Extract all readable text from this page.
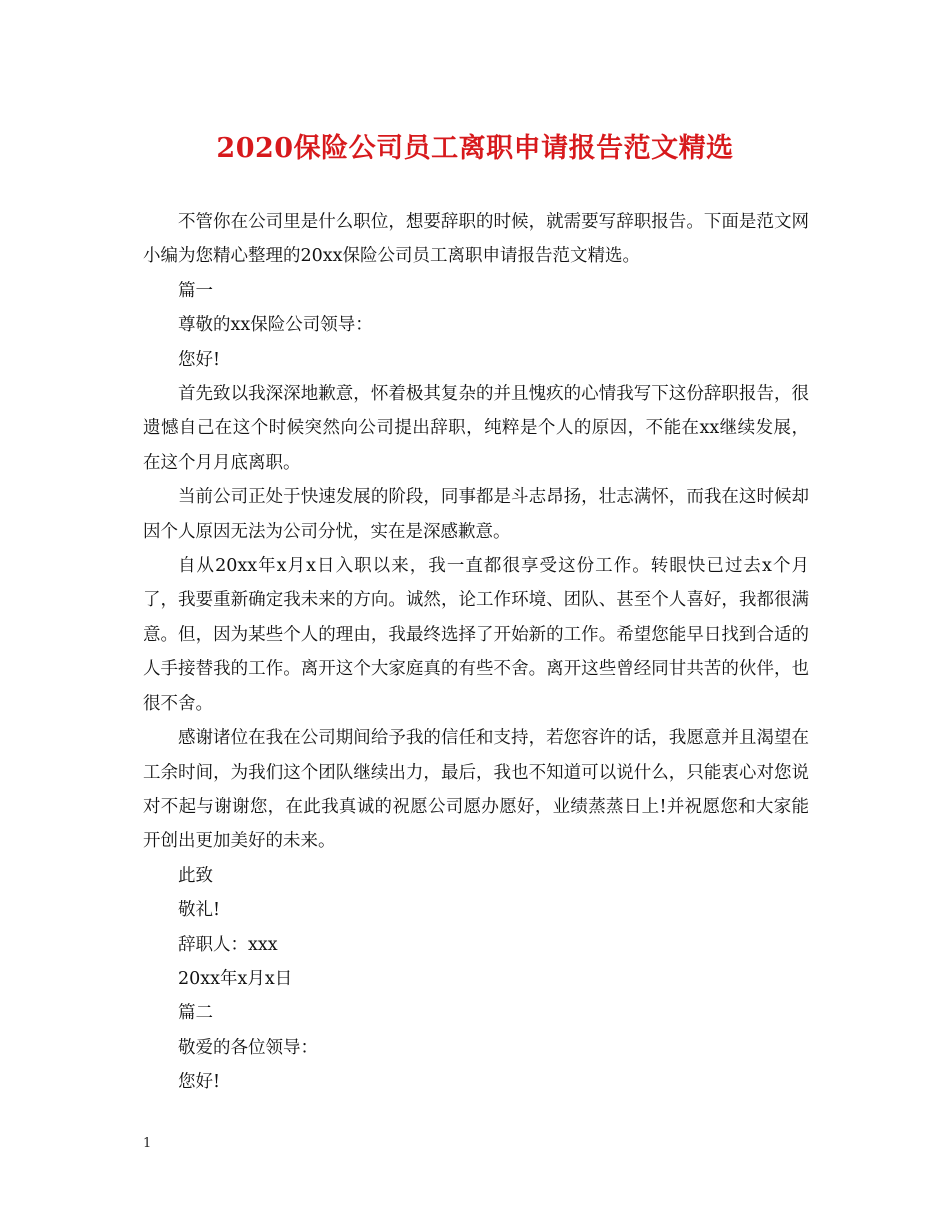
2020保险公司员工离职申请报告范文精选

不管你在公司里是什么职位，想要辞职的时候，就需要写辞职报告。下面是范文网小编为您精心整理的20xx保险公司员工离职申请报告范文精选。

篇一

尊敬的xx保险公司领导：

您好!

首先致以我深深地歉意，怀着极其复杂的并且愧疚的心情我写下这份辞职报告，很遗憾自己在这个时候突然向公司提出辞职，纯粹是个人的原因，不能在xx继续发展，在这个月月底离职。

当前公司正处于快速发展的阶段，同事都是斗志昂扬，壮志满怀，而我在这时候却因个人原因无法为公司分忧，实在是深感歉意。

自从20xx年x月x日入职以来，我一直都很享受这份工作。转眼快已过去x个月了，我要重新确定我未来的方向。诚然，论工作环境、团队、甚至个人喜好，我都很满意。但，因为某些个人的理由，我最终选择了开始新的工作。希望您能早日找到合适的人手接替我的工作。离开这个大家庭真的有些不舍。离开这些曾经同甘共苦的伙伴，也很不舍。

感谢诸位在我在公司期间给予我的信任和支持，若您容许的话，我愿意并且渴望在工余时间，为我们这个团队继续出力，最后，我也不知道可以说什么，只能衷心对您说对不起与谢谢您，在此我真诚的祝愿公司愿办愿好，业绩蒸蒸日上!并祝愿您和大家能开创出更加美好的未来。

此致

敬礼!

辞职人：xxx

20xx年x月x日

篇二

敬爱的各位领导：

您好!

1
